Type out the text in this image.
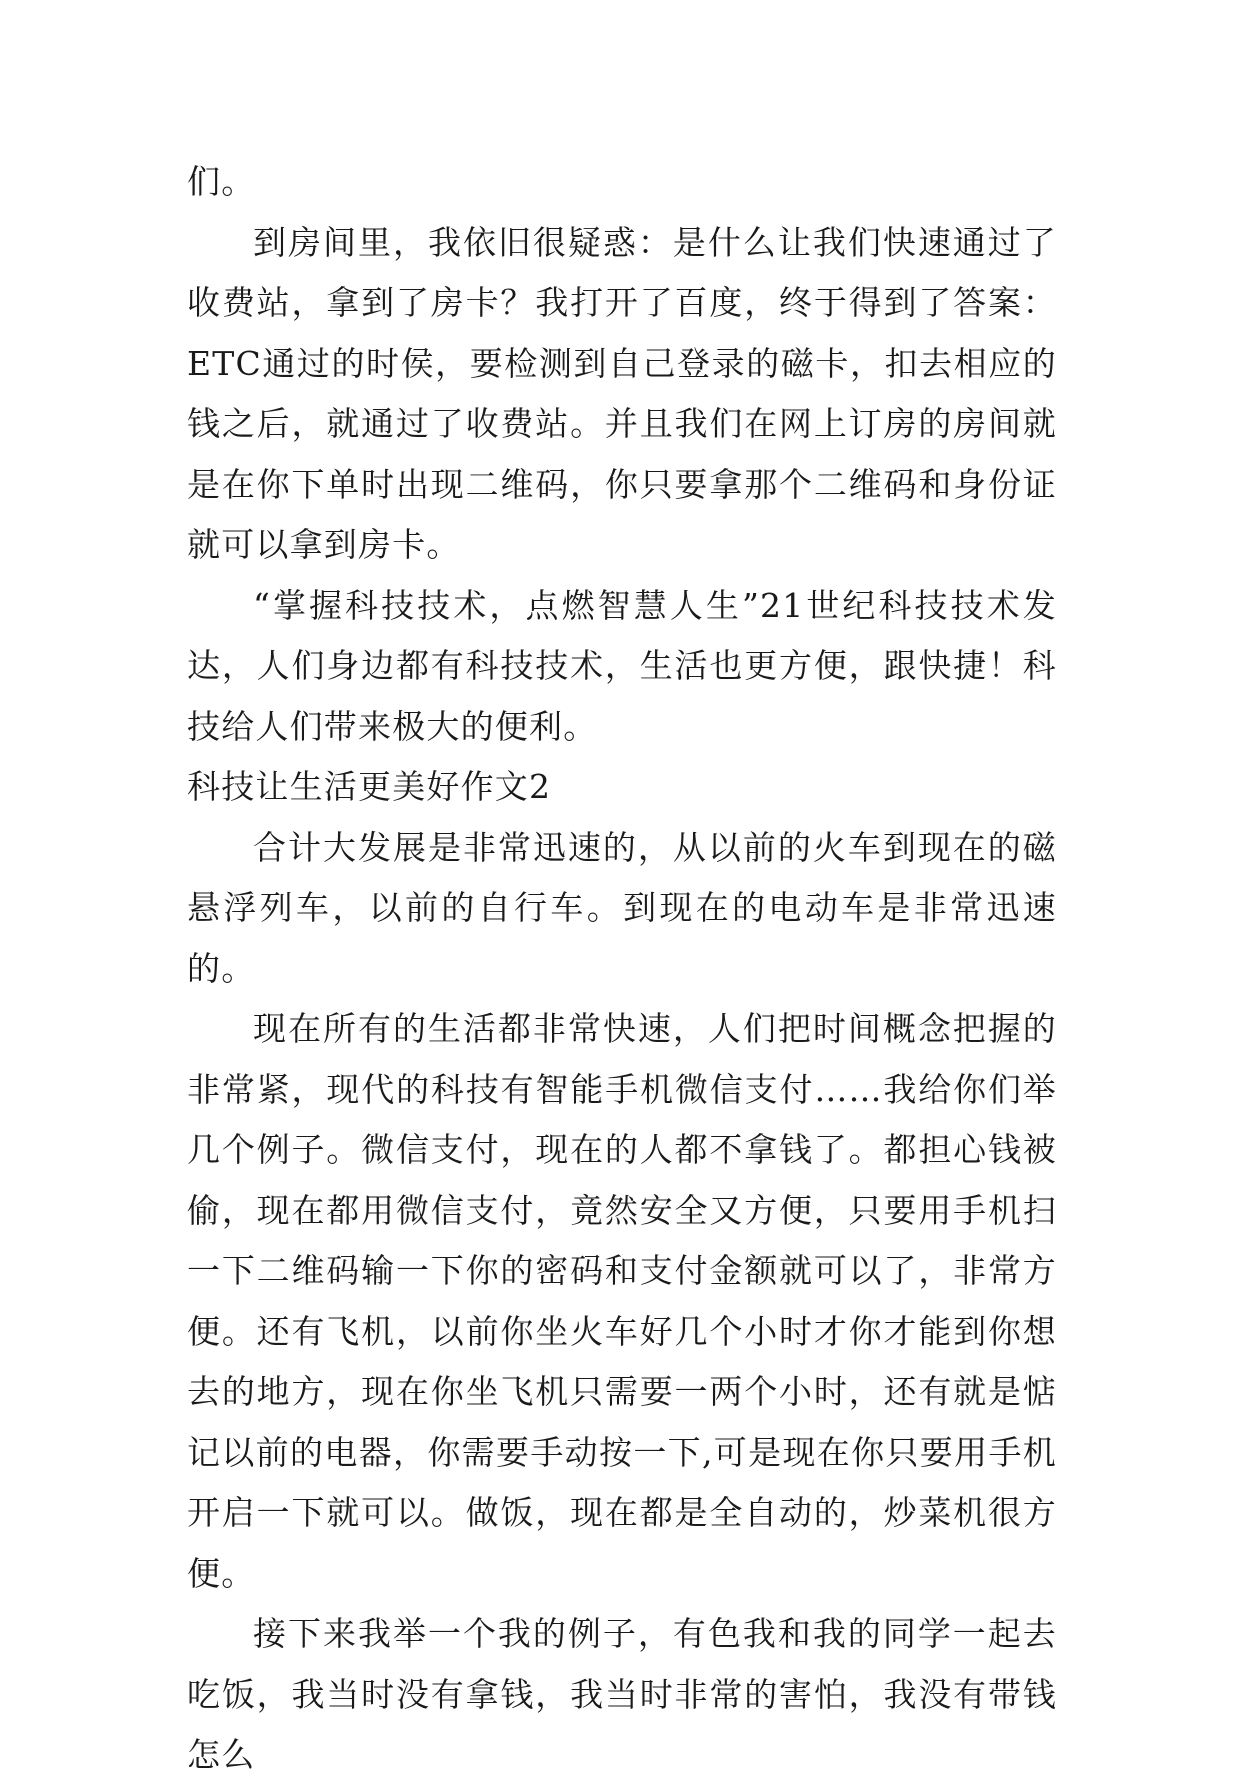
们。

到房间里，我依旧很疑惑：是什么让我们快速通过了收费站，拿到了房卡？我打开了百度，终于得到了答案：ETC通过的时侯，要检测到自己登录的磁卡，扣去相应的钱之后，就通过了收费站。并且我们在网上订房的房间就是在你下单时出现二维码，你只要拿那个二维码和身份证就可以拿到房卡。

“掌握科技技术，点燃智慧人生”21世纪科技技术发达，人们身边都有科技技术，生活也更方便，跟快捷！科技给人们带来极大的便利。

科技让生活更美好作文2

合计大发展是非常迅速的，从以前的火车到现在的磁悬浮列车，以前的自行车。到现在的电动车是非常迅速的。

现在所有的生活都非常快速，人们把时间概念把握的非常紧，现代的科技有智能手机微信支付……我给你们举几个例子。微信支付，现在的人都不拿钱了。都担心钱被偷，现在都用微信支付，竟然安全又方便，只要用手机扫一下二维码输一下你的密码和支付金额就可以了，非常方便。还有飞机，以前你坐火车好几个小时才你才能到你想去的地方，现在你坐飞机只需要一两个小时，还有就是惦记以前的电器，你需要手动按一下,可是现在你只要用手机开启一下就可以。做饭，现在都是全自动的，炒菜机很方便。

接下来我举一个我的例子，有色我和我的同学一起去吃饭，我当时没有拿钱，我当时非常的害怕，我没有带钱怎么
